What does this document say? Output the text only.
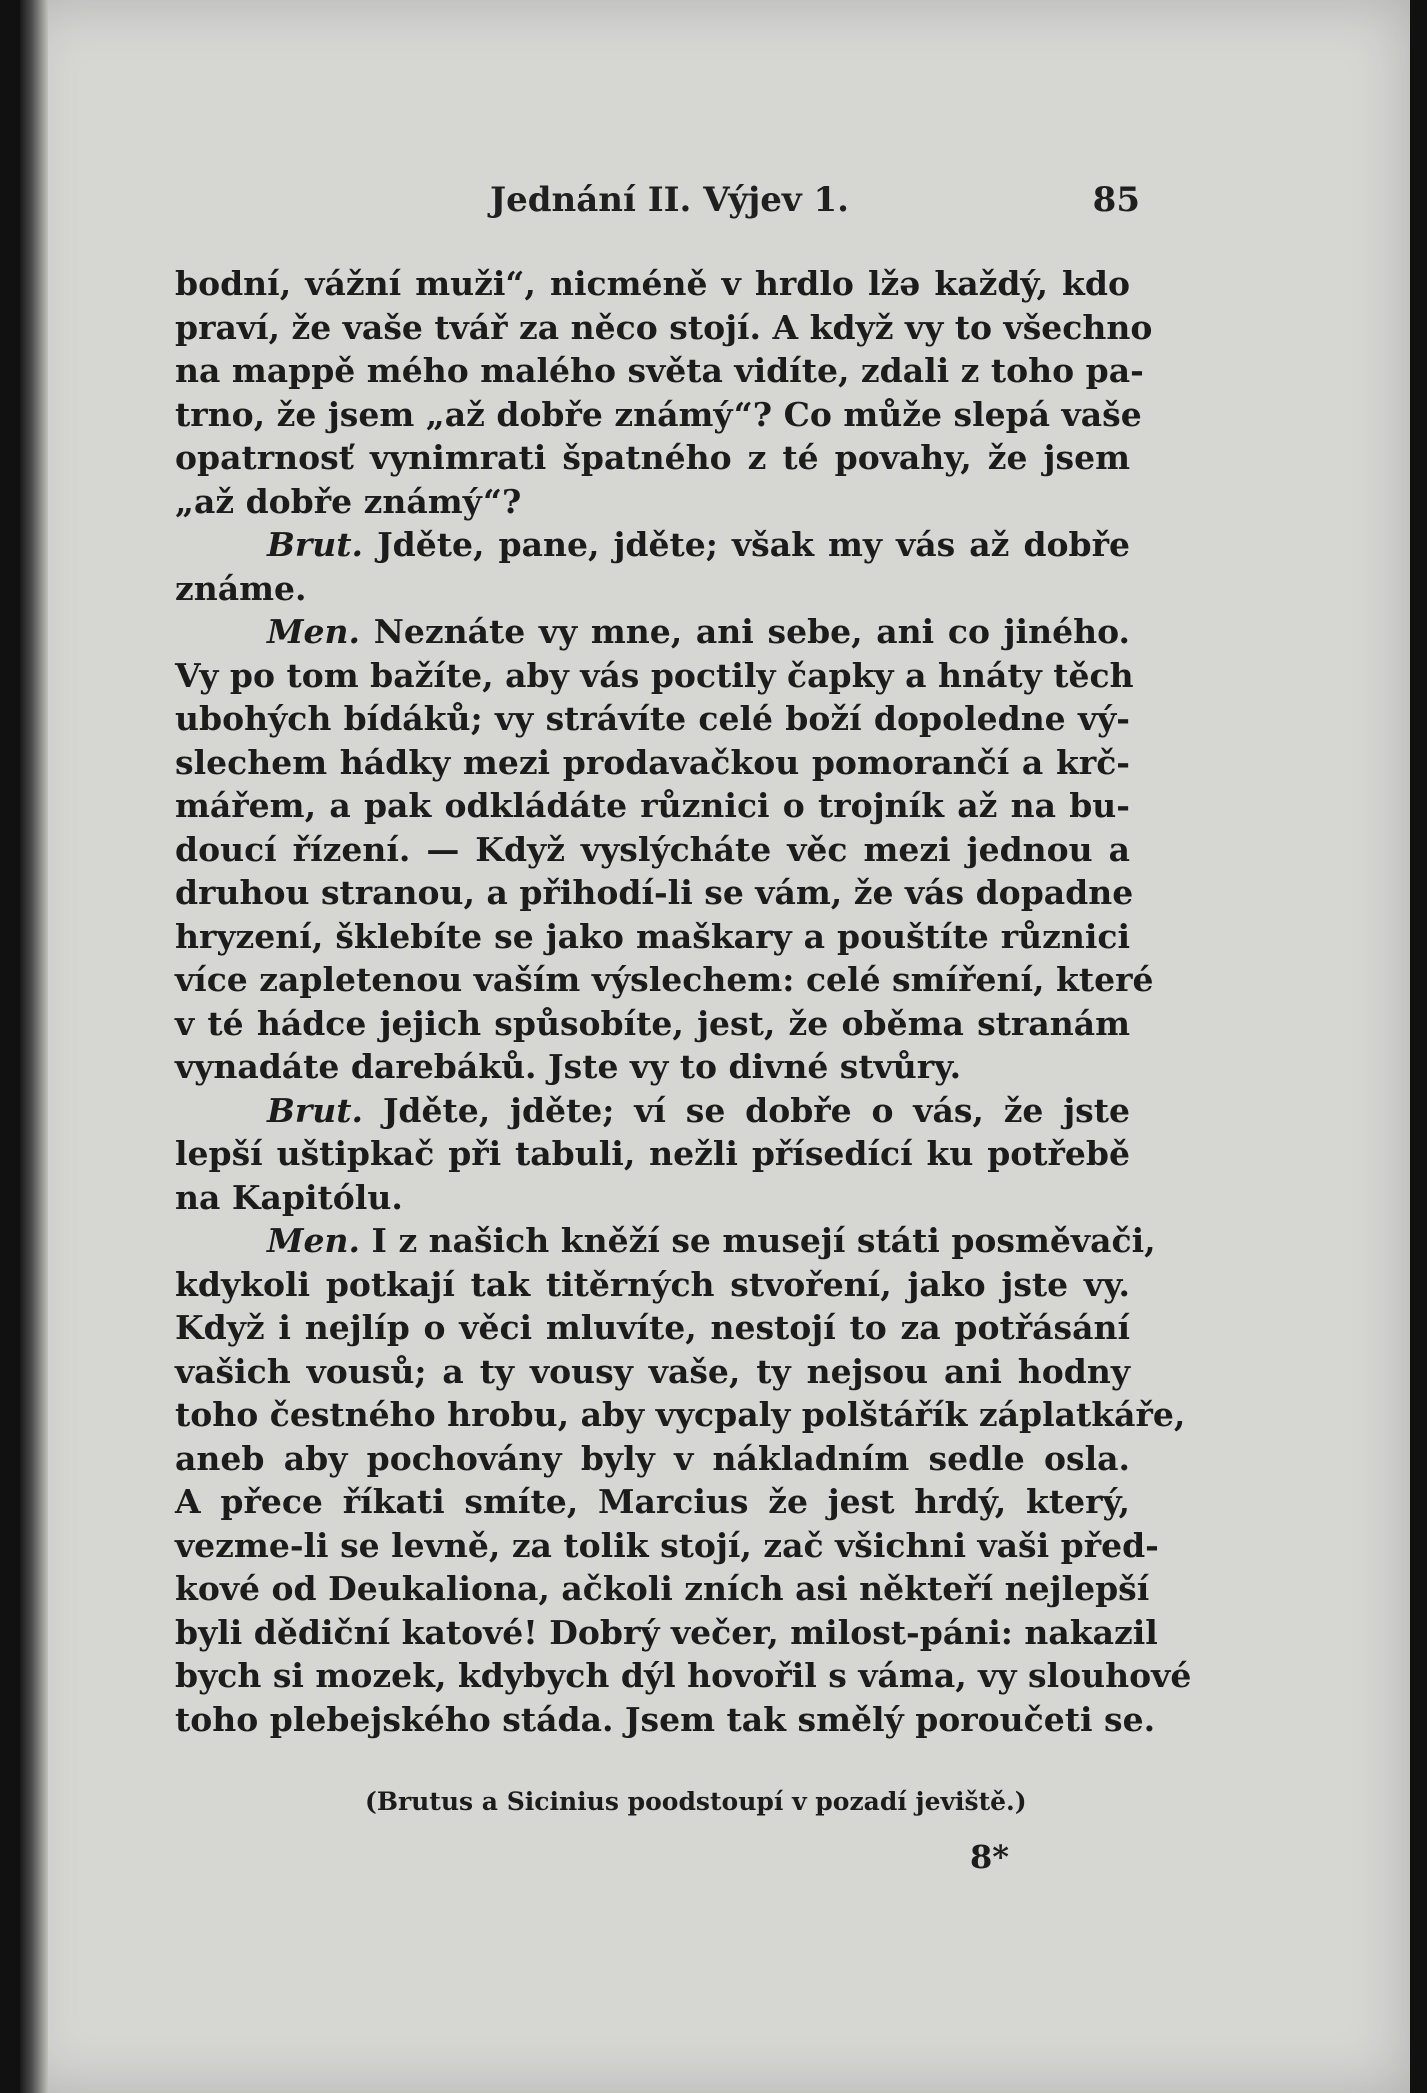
Jednání II. Výjev 1.	85
bodní, vážní muži“, nicméně v hrdlo lžә každý, kdo
praví, že vaše tvář za něco stojí. A když vy to všechno
na mappě mého malého světa vidíte, zdali z toho pa-
trno, že jsem „až dobře známý“? Co může slepá vaše
opatrnosť vynimrati špatného z té povahy, že jsem
„až dobře známý“?
Brut. Jděte, pane, jděte; však my vás až dobře
známe.
Men. Neznáte vy mne, ani sebe, ani co jiného.
Vy po tom bažíte, aby vás poctily čapky a hnáty těch
ubohých bídáků; vy strávíte celé boží dopoledne vý-
slechem hádky mezi prodavačkou pomorančí a krč-
mářem, a pak odkládáte různici o trojník až na bu-
doucí řízení. — Když vyslýcháte věc mezi jednou a
druhou stranou, a přihodí-li se vám, že vás dopadne
hryzení, šklebíte se jako maškary a pouštíte různici
více zapletenou vaším výslechem: celé smíření, které
v té hádce jejich spůsobíte, jest, že oběma stranám
vynadáte darebáků. Jste vy to divné stvůry.
Brut. Jděte, jděte; ví se dobře o vás, že jste
lepší uštipkač při tabuli, nežli přísedící ku potřebě
na Kapitólu.
Men. I z našich kněží se musejí státi posměvači,
kdykoli potkají tak titěrných stvoření, jako jste vy.
Když i nejlíp o věci mluvíte, nestojí to za potřásání
vašich vousů; a ty vousy vaše, ty nejsou ani hodny
toho čestného hrobu, aby vycpaly polštářík záplatkáře,
aneb aby pochovány byly v nákladním sedle osla.
A přece říkati smíte, Marcius že jest hrdý, který,
vezme-li se levně, za tolik stojí, zač všichni vaši před-
kové od Deukaliona, ačkoli zních asi někteří nejlepší
byli dědiční katové! Dobrý večer, milost-páni: nakazil
bych si mozek, kdybych dýl hovořil s váma, vy slouhové
toho plebejského stáda. Jsem tak smělý poroučeti se.
(Brutus a Sicinius poodstoupí v pozadí jeviště.)
8*
